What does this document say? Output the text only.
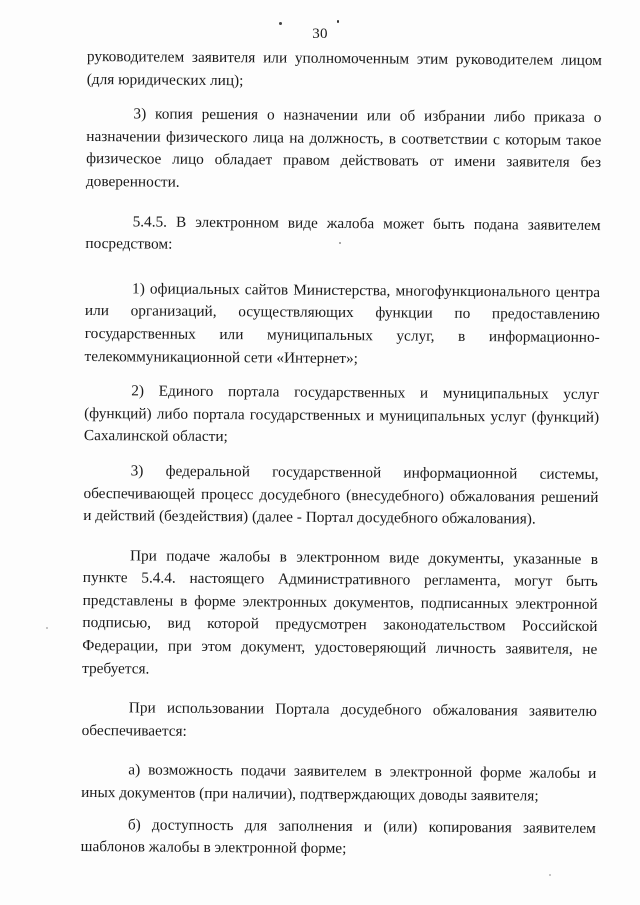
30

руководителем заявителя или уполномоченным этим руководителем лицом (для юридических лиц);

3) копия решения о назначении или об избрании либо приказа о назначении физического лица на должность, в соответствии с которым такое физическое лицо обладает правом действовать от имени заявителя без доверенности.

5.4.5. В электронном виде жалоба может быть подана заявителем посредством:

1) официальных сайтов Министерства, многофункционального центра или организаций, осуществляющих функции по предоставлению государственных или муниципальных услуг, в информационно-телекоммуникационной сети «Интернет»;

2) Единого портала государственных и муниципальных услуг (функций) либо портала государственных и муниципальных услуг (функций) Сахалинской области;

3) федеральной государственной информационной системы, обеспечивающей процесс досудебного (внесудебного) обжалования решений и действий (бездействия) (далее - Портал досудебного обжалования).

При подаче жалобы в электронном виде документы, указанные в пункте 5.4.4. настоящего Административного регламента, могут быть представлены в форме электронных документов, подписанных электронной подписью, вид которой предусмотрен законодательством Российской Федерации, при этом документ, удостоверяющий личность заявителя, не требуется.

При использовании Портала досудебного обжалования заявителю обеспечивается:

а) возможность подачи заявителем в электронной форме жалобы и иных документов (при наличии), подтверждающих доводы заявителя;

б) доступность для заполнения и (или) копирования заявителем шаблонов жалобы в электронной форме;
